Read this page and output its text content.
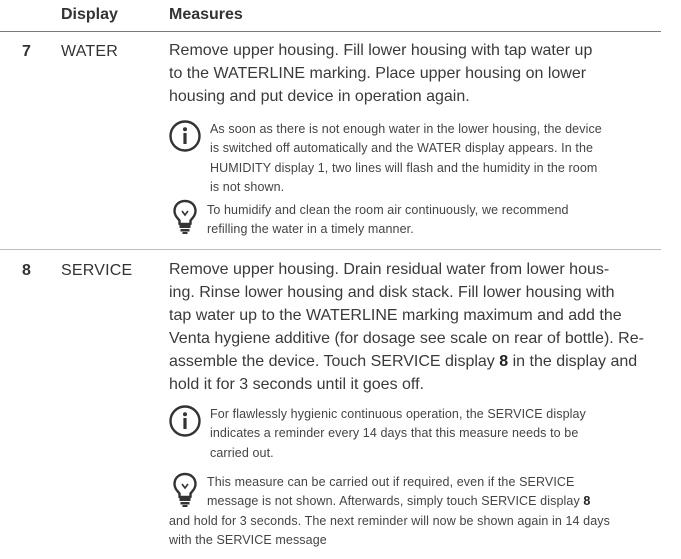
Display	Measures
7 WATER	Remove upper housing. Fill lower housing with tap water up
to the WATERLINE marking. Place upper housing on lower
housing and put device in operation again.
As soon as there is not enough water in the lower housing, the device
is switched off automatically and the WATER display appears. In the
HUMIDITY display 1, two lines will flash and the humidity in the room
is not shown.
To humidify and clean the room air continuously, we recommend
refilling the water in a timely manner.
8 SERVICE Remove upper housing. Drain residual water from lower hous-
ing. Rinse lower housing and disk stack. Fill lower housing with
tap water up to the WATERLINE marking maximum and add the
Venta hygiene additive (for dosage see scale on rear of bottle). Re-
assemble the device. Touch SERVICE display 8 in the display and
hold it for 3 seconds until it goes off.
For flawlessly hygienic continuous operation, the SERVICE display
indicates a reminder every 14 days that this measure needs to be
carried out.
This measure can be carried out if required, even if the SERVICE
message is not shown. Afterwards, simply touch SERVICE display 8
and hold for 3 seconds. The next reminder will now be shown again in 14 days
with the SERVICE message
